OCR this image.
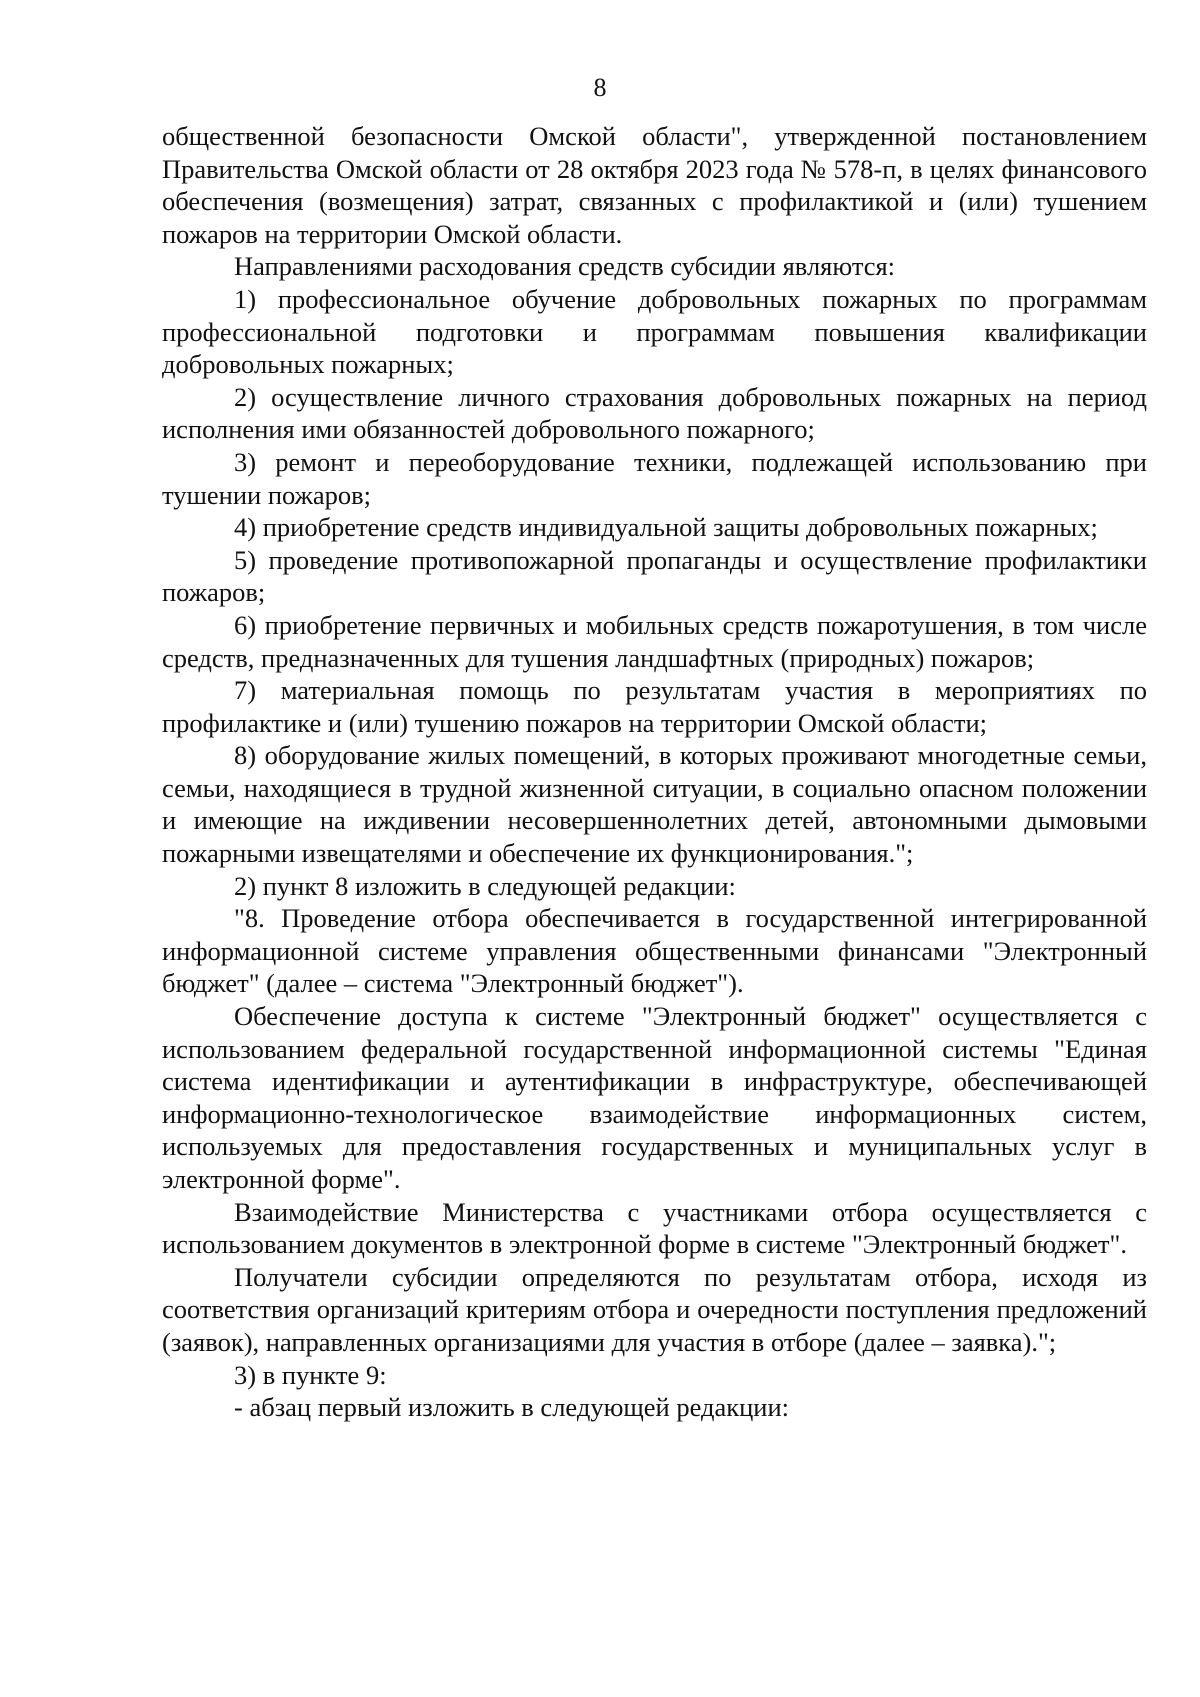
8

общественной безопасности Омской области", утвержденной постановлением Правительства Омской области от 28 октября 2023 года № 578-п, в целях финансового обеспечения (возмещения) затрат, связанных с профилактикой и (или) тушением пожаров на территории Омской области.

Направлениями расходования средств субсидии являются:

1) профессиональное обучение добровольных пожарных по программам профессиональной подготовки и программам повышения квалификации добровольных пожарных;

2) осуществление личного страхования добровольных пожарных на период исполнения ими обязанностей добровольного пожарного;

3) ремонт и переоборудование техники, подлежащей использованию при тушении пожаров;

4) приобретение средств индивидуальной защиты добровольных пожарных;

5) проведение противопожарной пропаганды и осуществление профилактики пожаров;

6) приобретение первичных и мобильных средств пожаротушения, в том числе средств, предназначенных для тушения ландшафтных (природных) пожаров;

7) материальная помощь по результатам участия в мероприятиях по профилактике и (или) тушению пожаров на территории Омской области;

8) оборудование жилых помещений, в которых проживают многодетные семьи, семьи, находящиеся в трудной жизненной ситуации, в социально опасном положении и имеющие на иждивении несовершеннолетних детей, автономными дымовыми пожарными извещателями и обеспечение их функционирования.";

2) пункт 8 изложить в следующей редакции:

"8. Проведение отбора обеспечивается в государственной интегрированной информационной системе управления общественными финансами "Электронный бюджет" (далее – система "Электронный бюджет").

Обеспечение доступа к системе "Электронный бюджет" осуществляется с использованием федеральной государственной информационной системы "Единая система идентификации и аутентификации в инфраструктуре, обеспечивающей информационно-технологическое взаимодействие информационных систем, используемых для предоставления государственных и муниципальных услуг в электронной форме".

Взаимодействие Министерства с участниками отбора осуществляется с использованием документов в электронной форме в системе "Электронный бюджет".

Получатели субсидии определяются по результатам отбора, исходя из соответствия организаций критериям отбора и очередности поступления предложений (заявок), направленных организациями для участия в отборе (далее – заявка).";

3) в пункте 9:

- абзац первый изложить в следующей редакции:
